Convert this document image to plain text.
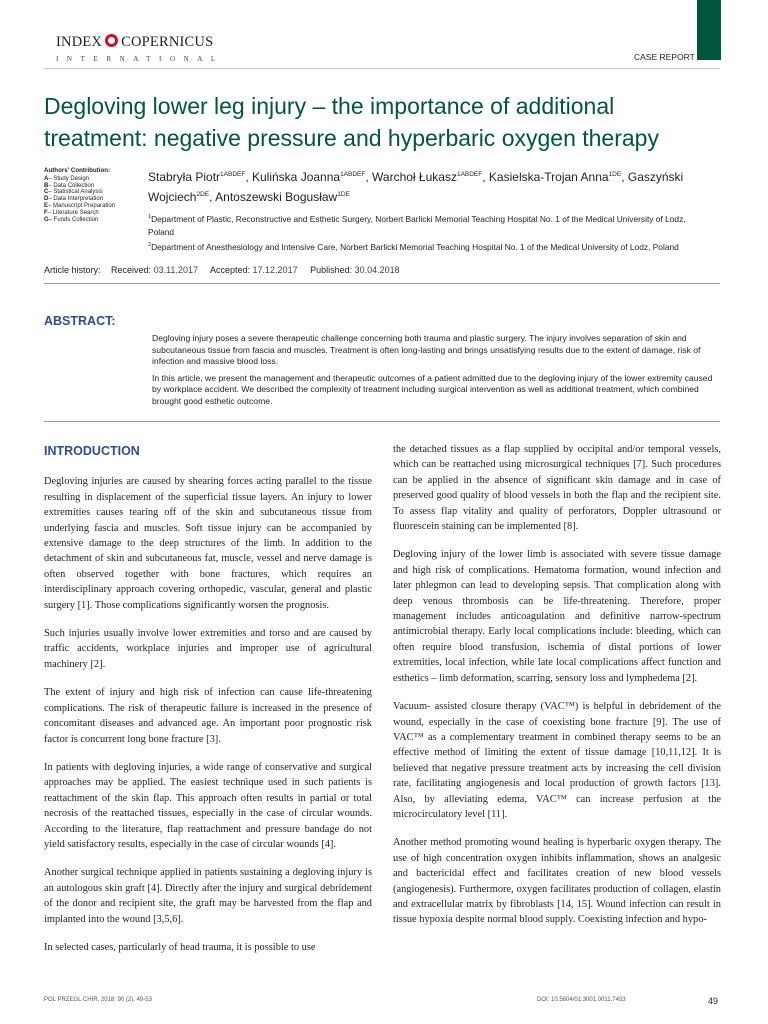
INDEX COPERNICUS
INTERNATIONAL	CASE REPORT
Degloving lower leg injury – the importance of additional treatment: negative pressure and hyperbaric oxygen therapy
Authors' Contribution:
A– Study Design
B– Data Collection
C– Statistical Analysis
D– Data Interpretation
E– Manuscript Preparation
F– Literature Search
G– Funds Collection
Stabryła Piotr$^{1ABDEF}$, Kulińska Joanna$^{1ABDEF}$, Warchoł Łukasz$^{1ABDEF}$, Kasielska-Trojan Anna$^{1DE}$, Gaszyński Wojciech$^{2DE}$, Antoszewski Bogusław$^{1DE}$

$^1$Department of Plastic, Reconstructive and Esthetic Surgery, Norbert Barlicki Memorial Teaching Hospital No. 1 of the Medical University of Lodz, Poland

$^2$Department of Anesthesiology and Intensive Care, Norbert Barlicki Memorial Teaching Hospital No. 1 of the Medical University of Lodz, Poland

Article history: Received: 03.11.2017 Accepted: 17.12.2017 Published: 30.04.2018
ABSTRACT:

Degloving injury poses a severe therapeutic challenge concerning both trauma and plastic surgery. The injury involves separation of skin and subcutaneous tissue from fascia and muscles. Treatment is often long-lasting and brings unsatisfying results due to the extent of damage, risk of infection and massive blood loss.

In this article, we present the management and therapeutic outcomes of a patient admitted due to the degloving injury of the lower extremity caused by workplace accident. We described the complexity of treatment including surgical intervention as well as additional treatment, which combined brought good esthetic outcome.

INTRODUCTION

Degloving injuries are caused by shearing forces acting parallel to the tissue resulting in displacement of the superficial tissue layers. An injury to lower extremities causes tearing off of the skin and subcutaneous tissue from underlying fascia and muscles. Soft tissue injury can be accompanied by extensive damage to the deep structures of the limb. In addition to the detachment of skin and subcutaneous fat, muscle, vessel and nerve damage is often observed together with bone fractures, which requires an interdisciplinary approach covering orthopedic, vascular, general and plastic surgery [1]. Those complications significantly worsen the prognosis.

Such injuries usually involve lower extremities and torso and are caused by traffic accidents, workplace injuries and improper use of agricultural machinery [2].

The extent of injury and high risk of infection can cause life-threatening complications. The risk of therapeutic failure is increased in the presence of concomitant diseases and advanced age. An important poor prognostic risk factor is concurrent long bone fracture [3].

In patients with degloving injuries, a wide range of conservative and surgical approaches may be applied. The easiest technique used in such patients is reattachment of the skin flap. This approach often results in partial or total necrosis of the reattached tissues, especially in the case of circular wounds. According to the literature, flap reattachment and pressure bandage do not yield satisfactory results, especially in the case of circular wounds [4].

Another surgical technique applied in patients sustaining a degloving injury is an autologous skin graft [4]. Directly after the injury and surgical debridement of the donor and recipient site, the graft may be harvested from the flap and implanted into the wound [3,5,6].

In selected cases, particularly of head trauma, it is possible to use

the detached tissues as a flap supplied by occipital and/or temporal vessels, which can be reattached using microsurgical techniques [7]. Such procedures can be applied in the absence of significant skin damage and in case of preserved good quality of blood vessels in both the flap and the recipient site. To assess flap vitality and quality of perforators, Doppler ultrasound or fluorescein staining can be implemented [8].

Degloving injury of the lower limb is associated with severe tissue damage and high risk of complications. Hematoma formation, wound infection and later phlegmon can lead to developing sepsis. That complication along with deep venous thrombosis can be life-threatening. Therefore, proper management includes anticoagulation and definitive narrow-spectrum antimicrobial therapy. Early local complications include: bleeding, which can often require blood transfusion, ischemia of distal portions of lower extremities, local infection, while late local complications affect function and esthetics – limb deformation, scarring, sensory loss and lymphedema [2].

Vacuum- assisted closure therapy (VAC™) is helpful in debridement of the wound, especially in the case of coexisting bone fracture [9]. The use of VAC™ as a complementary treatment in combined therapy seems to be an effective method of limiting the extent of tissue damage [10,11,12]. It is believed that negative pressure treatment acts by increasing the cell division rate, facilitating angiogenesis and local production of growth factors [13]. Also, by alleviating edema, VAC™ can increase perfusion at the microcirculatory level [11].

Another method promoting wound healing is hyperbaric oxygen therapy. The use of high concentration oxygen inhibits inflammation, shows an analgesic and bactericidal effect and facilitates creation of new blood vessels (angiogenesis). Furthermore, oxygen facilitates production of collagen, elastin and extracellular matrix by fibroblasts [14, 15]. Wound infection can result in tissue hypoxia despite normal blood supply. Coexisting infection and hypo-

POL PRZEGL CHIR, 2018: 90 (2), 49-53	DOI: 10.5604/01.3001.0011.7453	49
